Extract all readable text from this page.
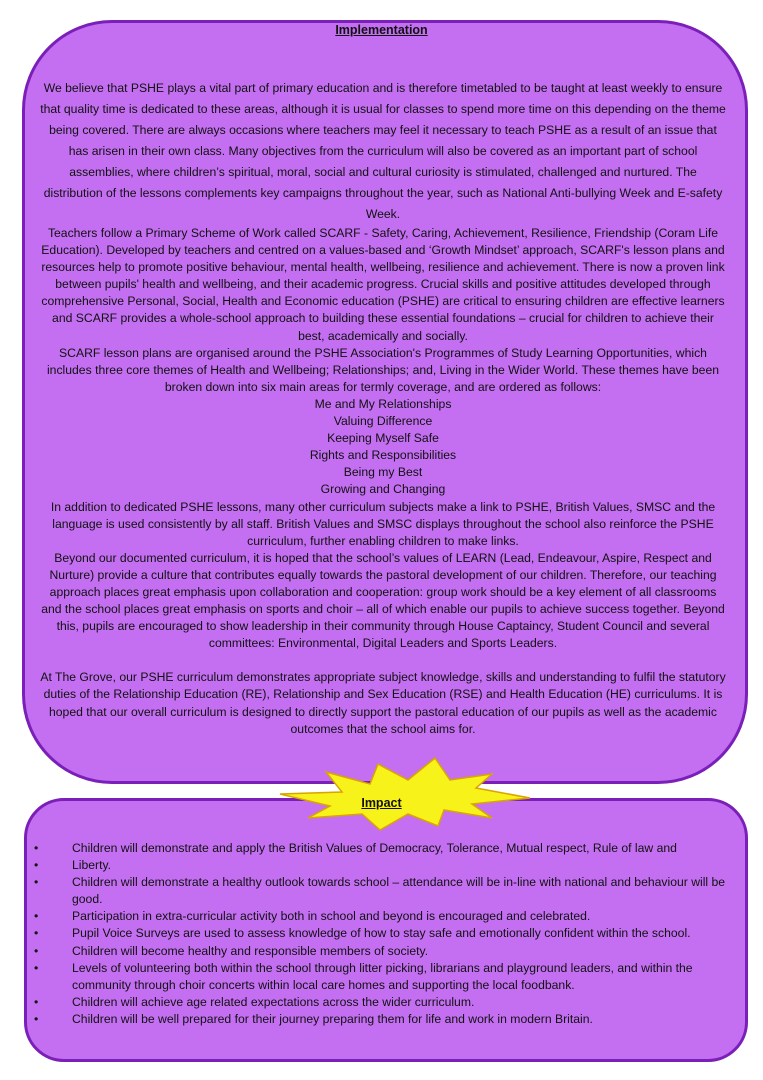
Implementation

We believe that PSHE plays a vital part of primary education and is therefore timetabled to be taught at least weekly to ensure that quality time is dedicated to these areas, although it is usual for classes to spend more time on this depending on the theme being covered. There are always occasions where teachers may feel it necessary to teach PSHE as a result of an issue that has arisen in their own class. Many objectives from the curriculum will also be covered as an important part of school assemblies, where children’s spiritual, moral, social and cultural curiosity is stimulated, challenged and nurtured. The distribution of the lessons complements key campaigns throughout the year, such as National Anti-bullying Week and E-safety Week.

Teachers follow a Primary Scheme of Work called SCARF - Safety, Caring, Achievement, Resilience, Friendship (Coram Life Education). Developed by teachers and centred on a values-based and ‘Growth Mindset’ approach, SCARF's lesson plans and resources help to promote positive behaviour, mental health, wellbeing, resilience and achievement. There is now a proven link between pupils' health and wellbeing, and their academic progress. Crucial skills and positive attitudes developed through comprehensive Personal, Social, Health and Economic education (PSHE) are critical to ensuring children are effective learners and SCARF provides a whole-school approach to building these essential foundations – crucial for children to achieve their best, academically and socially.

SCARF lesson plans are organised around the PSHE Association's Programmes of Study Learning Opportunities, which includes three core themes of Health and Wellbeing; Relationships; and, Living in the Wider World. These themes have been broken down into six main areas for termly coverage, and are ordered as follows:

Me and My Relationships

Valuing Difference

Keeping Myself Safe

Rights and Responsibilities

Being my Best

Growing and Changing

In addition to dedicated PSHE lessons, many other curriculum subjects make a link to PSHE, British Values, SMSC and the language is used consistently by all staff. British Values and SMSC displays throughout the school also reinforce the PSHE curriculum, further enabling children to make links.

Beyond our documented curriculum, it is hoped that the school’s values of LEARN (Lead, Endeavour, Aspire, Respect and Nurture) provide a culture that contributes equally towards the pastoral development of our children. Therefore, our teaching approach places great emphasis upon collaboration and cooperation: group work should be a key element of all classrooms and the school places great emphasis on sports and choir – all of which enable our pupils to achieve success together. Beyond this, pupils are encouraged to show leadership in their community through House Captaincy, Student Council and several committees: Environmental, Digital Leaders and Sports Leaders.

At The Grove, our PSHE curriculum demonstrates appropriate subject knowledge, skills and understanding to fulfil the statutory duties of the Relationship Education (RE), Relationship and Sex Education (RSE) and Health Education (HE) curriculums. It is hoped that our overall curriculum is designed to directly support the pastoral education of our pupils as well as the academic outcomes that the school aims for.

Impact
•	Children will demonstrate and apply the British Values of Democracy, Tolerance, Mutual respect, Rule of law and
•	Liberty.
•	Children will demonstrate a healthy outlook towards school – attendance will be in-line with national and behaviour will be good.
•	Participation in extra-curricular activity both in school and beyond is encouraged and celebrated.
•	Pupil Voice Surveys are used to assess knowledge of how to stay safe and emotionally confident within the school.
•	Children will become healthy and responsible members of society.
•	Levels of volunteering both within the school through litter picking, librarians and playground leaders, and within the community through choir concerts within local care homes and supporting the local foodbank.
•	Children will achieve age related expectations across the wider curriculum.
•	Children will be well prepared for their journey preparing them for life and work in modern Britain.
